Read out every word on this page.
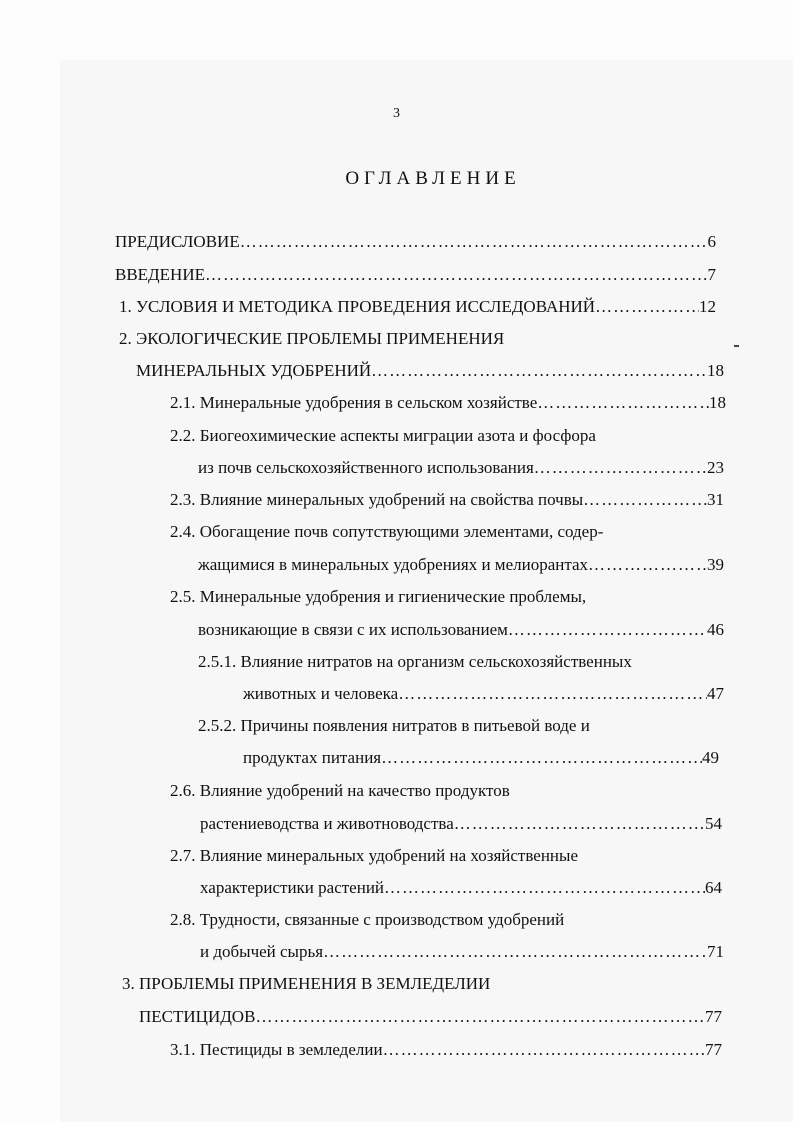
3
ОГЛАВЛЕНИЕ
ПРЕДИСЛОВИЕ ……………………………………………………………………………………………………………………………………………………	6
ВВЕДЕНИЕ ……………………………………………………………………………………………………………………………………………………	7
1. УСЛОВИЯ И МЕТОДИКА ПРОВЕДЕНИЯ ИССЛЕДОВАНИЙ ……………………………………………………………………………………………………………………………………………………	12
2. ЭКОЛОГИЧЕСКИЕ ПРОБЛЕМЫ ПРИМЕНЕНИЯ
МИНЕРАЛЬНЫХ УДОБРЕНИЙ ……………………………………………………………………………………………………………………………………………………	18
2.1. Минеральные удобрения в сельском хозяйстве ……………………………………………………………………………………………………………………………………………………	18
2.2. Биогеохимические аспекты миграции азота и фосфора
из почв сельскохозяйственного использования ……………………………………………………………………………………………………………………………………………………	23
2.3. Влияние минеральных удобрений на свойства почвы ……………………………………………………………………………………………………………………………………………………	31
2.4. Обогащение почв сопутствующими элементами, содер-
жащимися в минеральных удобрениях и мелиорантах ……………………………………………………………………………………………………………………………………………………	39
2.5. Минеральные удобрения и гигиенические проблемы,
возникающие в связи с их использованием ……………………………………………………………………………………………………………………………………………………	46
2.5.1. Влияние нитратов на организм сельскохозяйственных
животных и человека ……………………………………………………………………………………………………………………………………………………	47
2.5.2. Причины появления нитратов в питьевой воде и
продуктах питания ……………………………………………………………………………………………………………………………………………………	49
2.6. Влияние удобрений на качество продуктов
растениеводства и животноводства ……………………………………………………………………………………………………………………………………………………	54
2.7. Влияние минеральных удобрений на хозяйственные
характеристики растений ……………………………………………………………………………………………………………………………………………………	64
2.8. Трудности, связанные с производством удобрений
и добычей сырья ……………………………………………………………………………………………………………………………………………………	71
3. ПРОБЛЕМЫ ПРИМЕНЕНИЯ В ЗЕМЛЕДЕЛИИ
ПЕСТИЦИДОВ ……………………………………………………………………………………………………………………………………………………	77
3.1. Пестициды в земледелии ……………………………………………………………………………………………………………………………………………………	77
